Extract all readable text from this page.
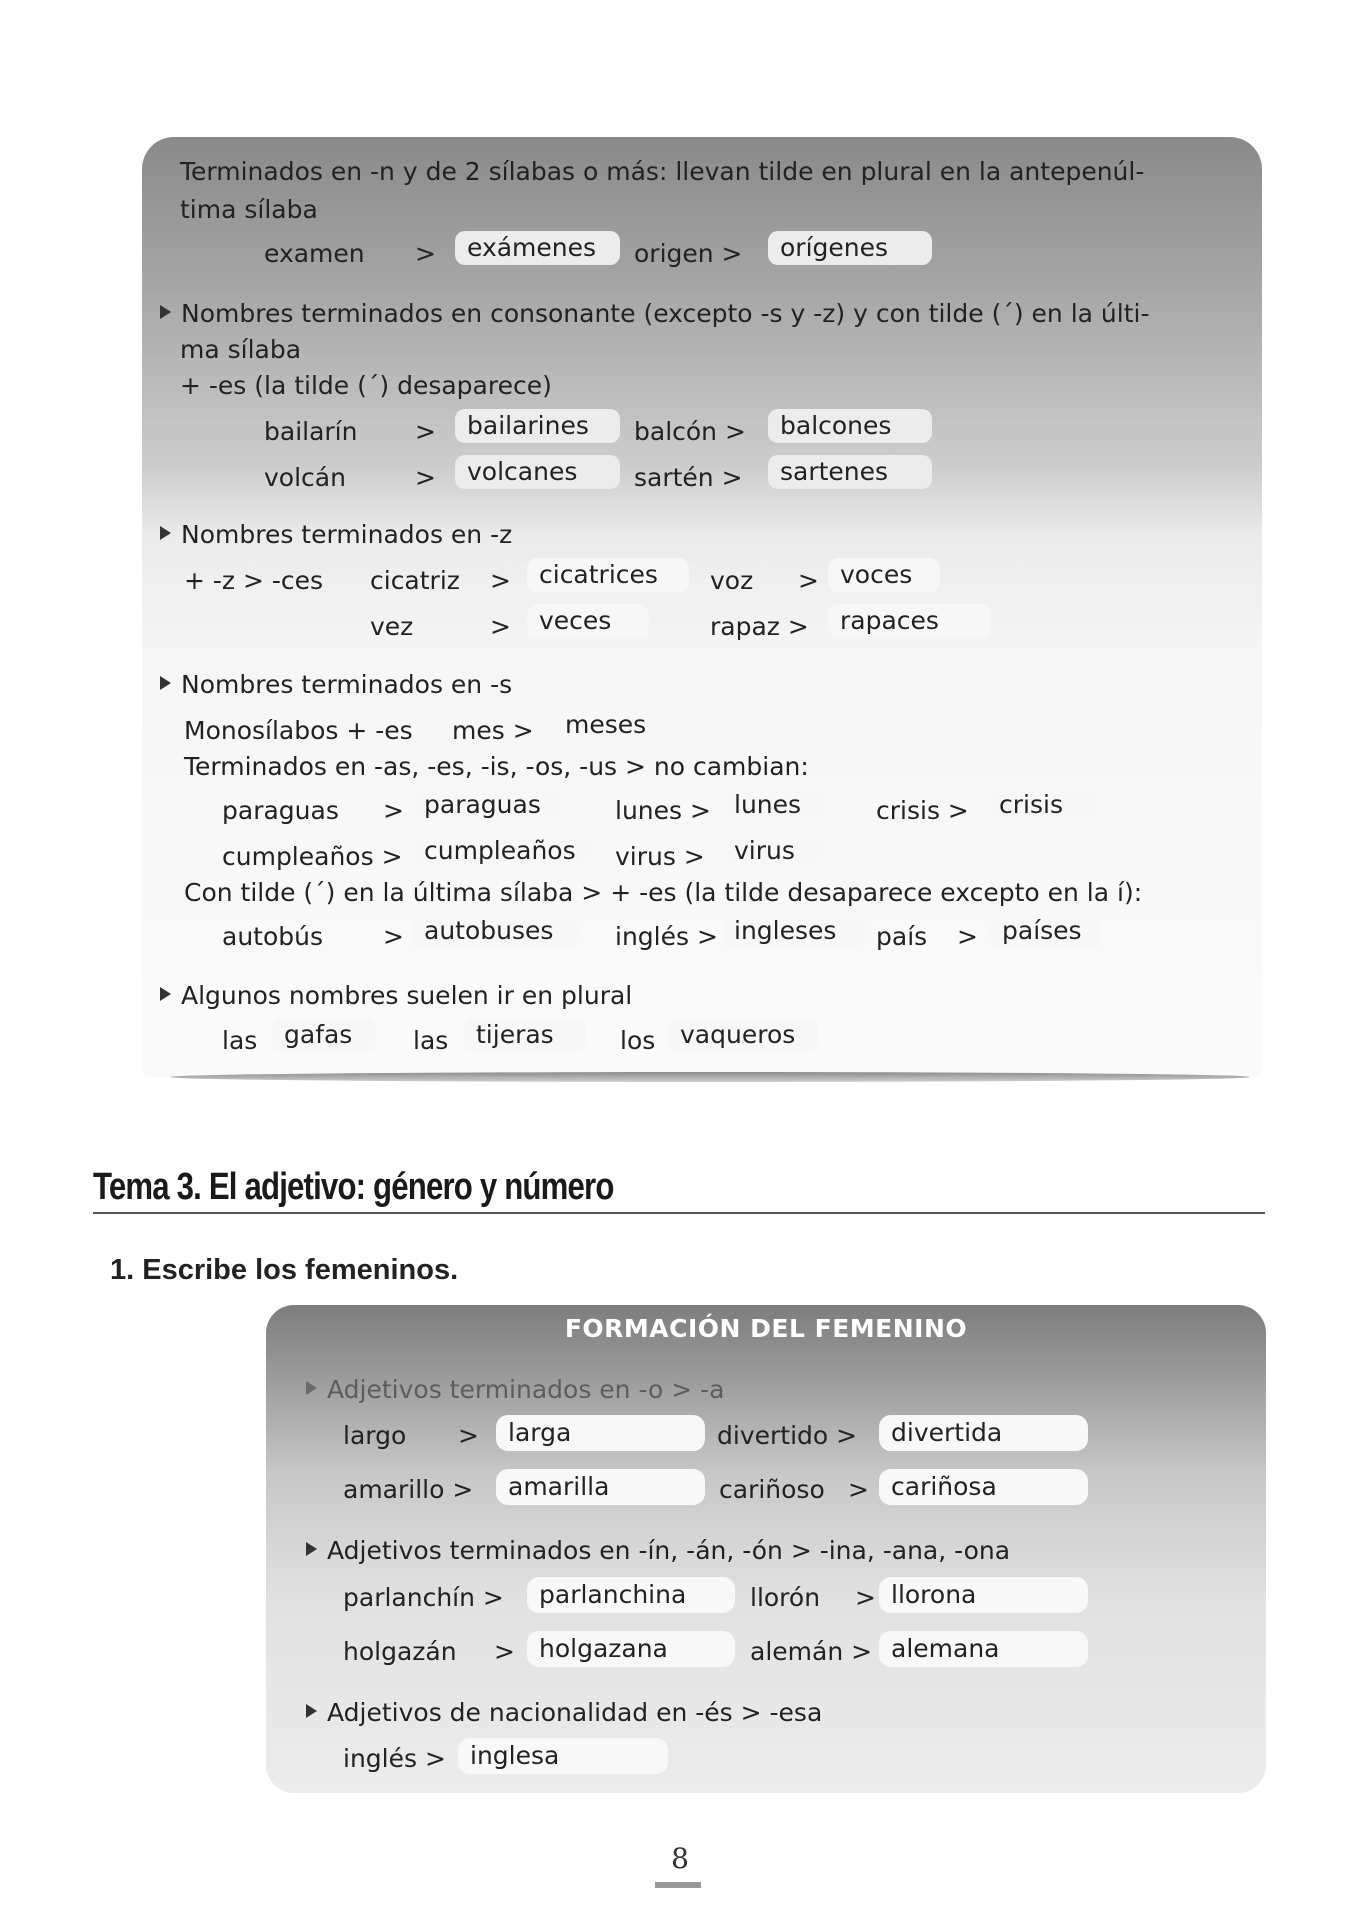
Terminados en -n y de 2 sílabas o más: llevan tilde en plural en la antepenúl-
tima sílaba
examen >	exámenes	origen >	orígenes
Nombres terminados en consonante (excepto -s y -z) y con tilde (´) en la últi-
ma sílaba
+ -es (la tilde (´) desaparece)
bailarín >	bailarines	balcón >	balcones
volcán	>	volcanes	sartén >	sartenes
Nombres terminados en -z
+ -z > -ces cicatriz >	cicatrices	voz > voces
vez	>	veces	rapaz >	rapaces
Nombres terminados en -s
Monosílabos + -es mes >	meses
Terminados en -as, -es, -is, -os, -us > no cambian:
paraguas > paraguas	lunes > lunes	crisis >	crisis
cumpleaños > cumpleaños	virus >	virus
Con tilde (´) en la última sílaba > + -es (la tilde desaparece excepto en la í):
autobús > autobuses	inglés > ingleses	país > países
Algunos nombres suelen ir en plural
las	gafas	las	tijeras	los vaqueros
Tema 3. El adjetivo: género y número
1. Escribe los femeninos.
FORMACIÓN DEL FEMENINO
Adjetivos terminados en -o > -a
largo >	larga	divertido >	divertida
amarillo >	amarilla	cariñoso > cariñosa
Adjetivos terminados en -ín, -án, -ón > -ina, -ana, -ona
parlanchín >	parlanchina	llorón > llorona
holgazán > holgazana	alemán > alemana
Adjetivos de nacionalidad en -és > -esa
inglés > inglesa
8
